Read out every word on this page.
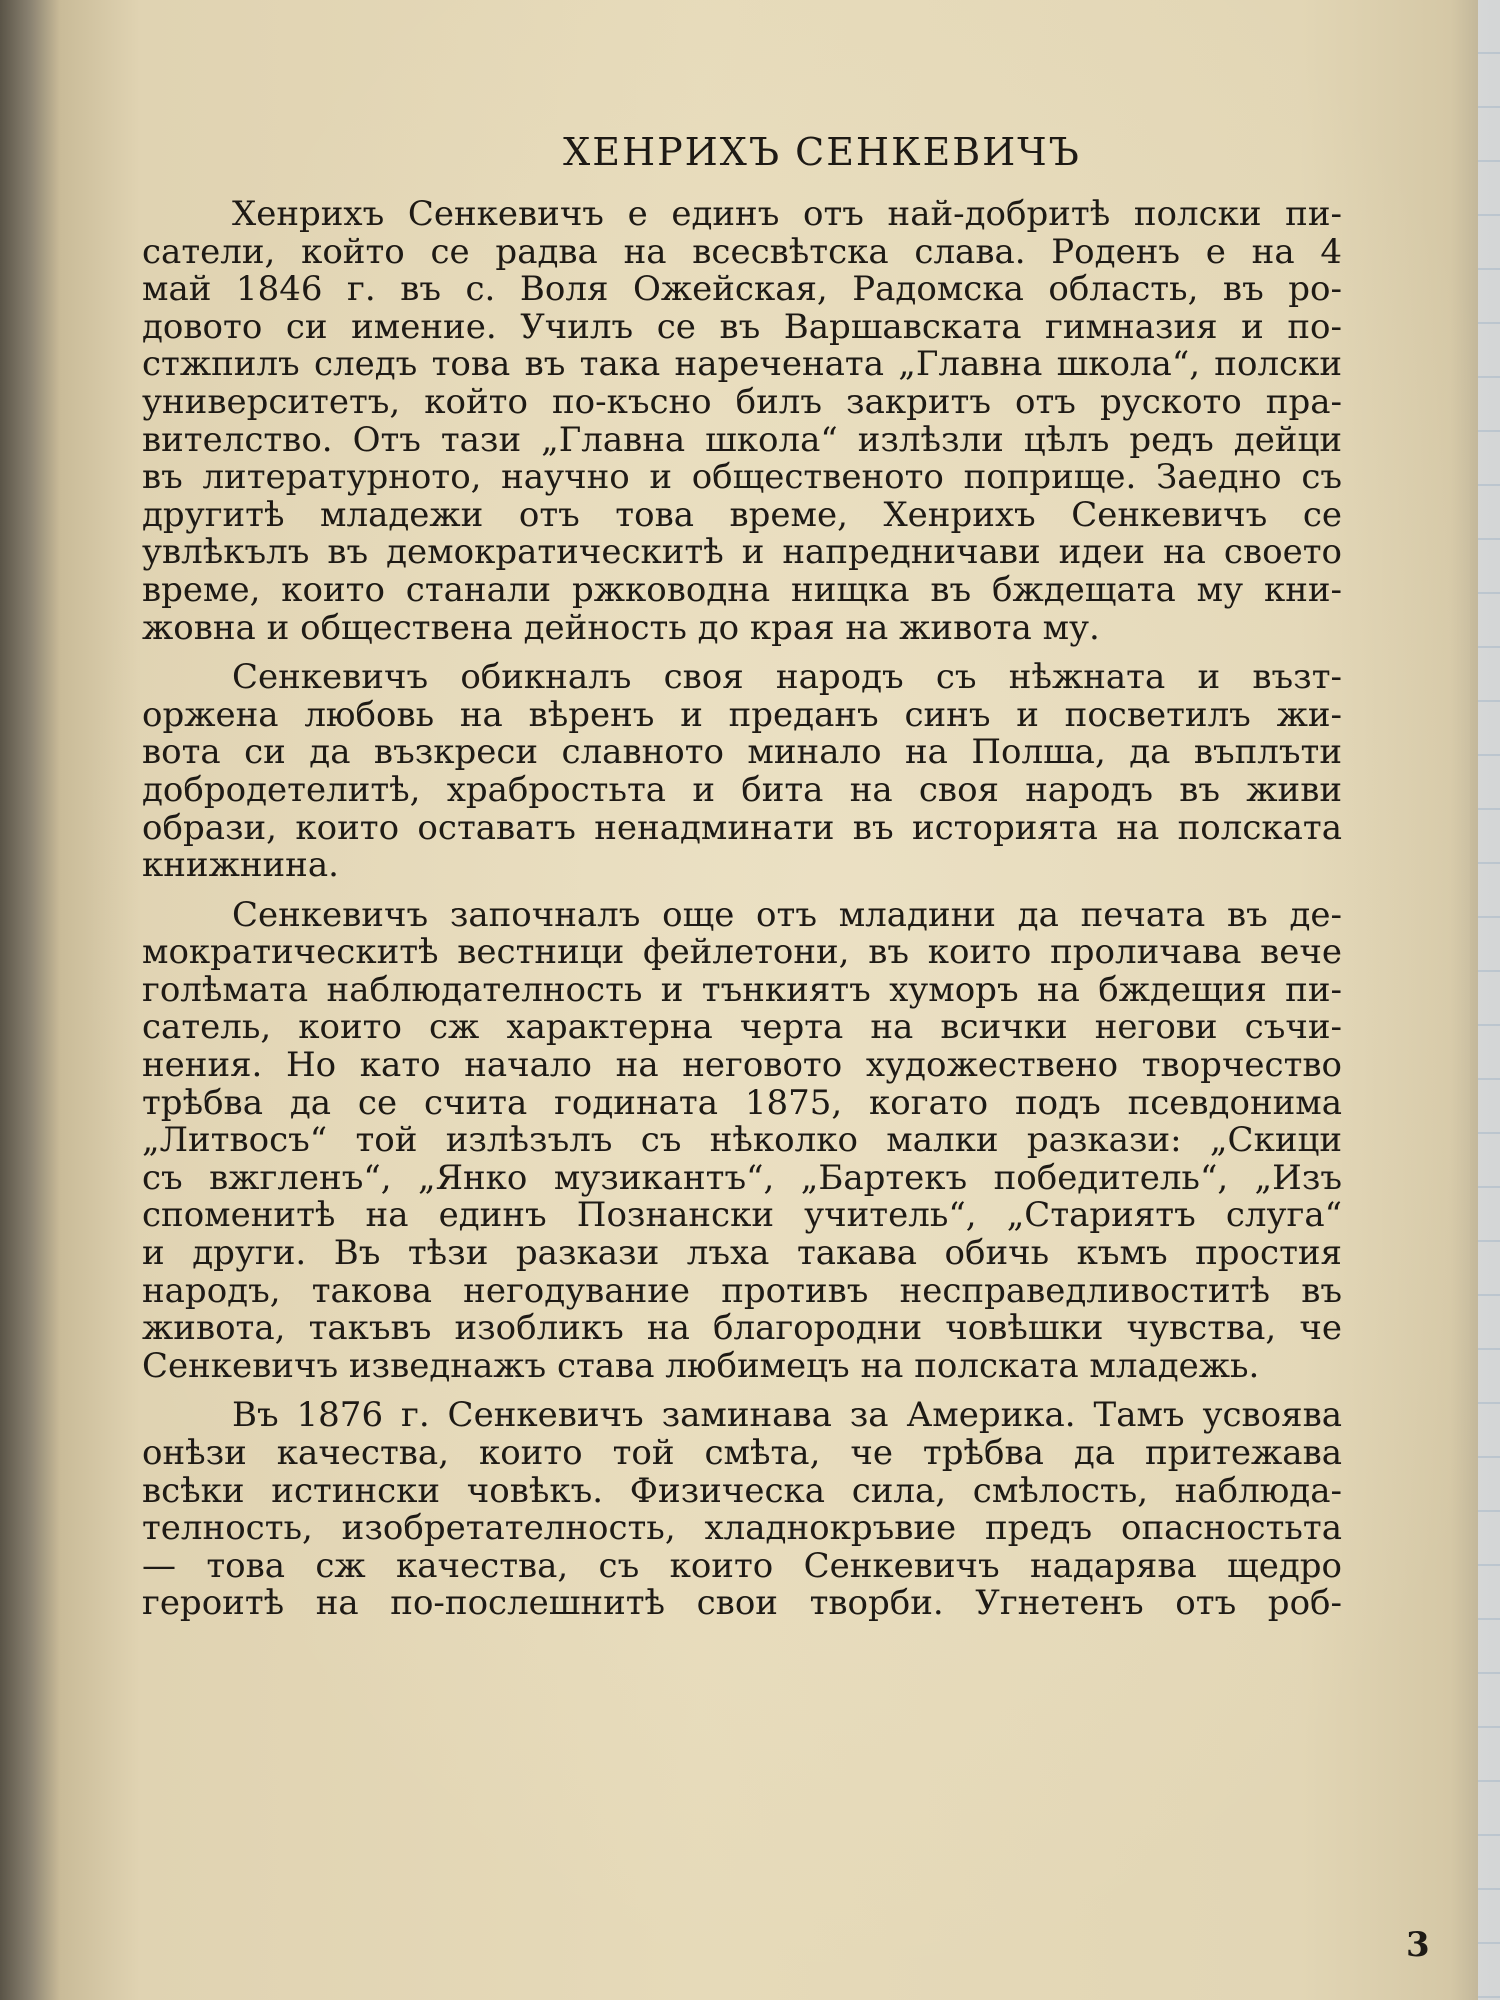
ХЕНРИХЪ СЕНКЕВИЧЪ
Хенрихъ Сенкевичъ е единъ отъ най-добритѣ полски пи-
сатели, който се радва на всесвѣтска слава. Роденъ е на 4
май 1846 г. въ с. Воля Ожейская, Радомска область, въ ро-
довото си имение. Училъ се въ Варшавската гимназия и по-
стжпилъ следъ това въ така наречената „Главна школа“, полски
университетъ, който по-късно билъ закритъ отъ руското пра-
вителство. Отъ тази „Главна школа“ излѣзли цѣлъ редъ дейци
въ литературното, научно и общественото поприще. Заедно съ
другитѣ младежи отъ това време, Хенрихъ Сенкевичъ се
увлѣкълъ въ демократическитѣ и напредничави идеи на своето
време, които станали ржководна нищка въ бждещата му кни-
жовна и обществена дейность до края на живота му.
Сенкевичъ обикналъ своя народъ съ нѣжната и възт-
оржена любовь на вѣренъ и преданъ синъ и посветилъ жи-
вота си да възкреси славното минало на Полша, да въплъти
добродетелитѣ, храбростьта и бита на своя народъ въ живи
образи, които оставатъ ненадминати въ историята на полската
книжнина.
Сенкевичъ започналъ още отъ младини да печата въ де-
мократическитѣ вестници фейлетони, въ които проличава вече
голѣмата наблюдателность и тънкиятъ хуморъ на бждещия пи-
сатель, които сж характерна черта на всички негови съчи-
нения. Но като начало на неговото художествено творчество
трѣбва да се счита годината 1875, когато подъ псевдонима
„Литвосъ“ той излѣзълъ съ нѣколко малки разкази: „Скици
съ вжгленъ“, „Янко музикантъ“, „Бартекъ победитель“, „Изъ
споменитѣ на единъ Познански учитель“, „Стариятъ слуга“
и други. Въ тѣзи разкази лъха такава обичь къмъ простия
народъ, такова негодувание противъ несправедливоститѣ въ
живота, такъвъ изобликъ на благородни човѣшки чувства, че
Сенкевичъ изведнажъ става любимецъ на полската младежь.
Въ 1876 г. Сенкевичъ заминава за Америка. Тамъ усвоява
онѣзи качества, които той смѣта, че трѣбва да притежава
всѣки истински човѣкъ. Физическа сила, смѣлость, наблюда-
телность, изобретателность, хладнокръвие предъ опасностьта
— това сж качества, съ които Сенкевичъ надарява щедро
героитѣ на по-послешнитѣ свои творби. Угнетенъ отъ роб-
3
